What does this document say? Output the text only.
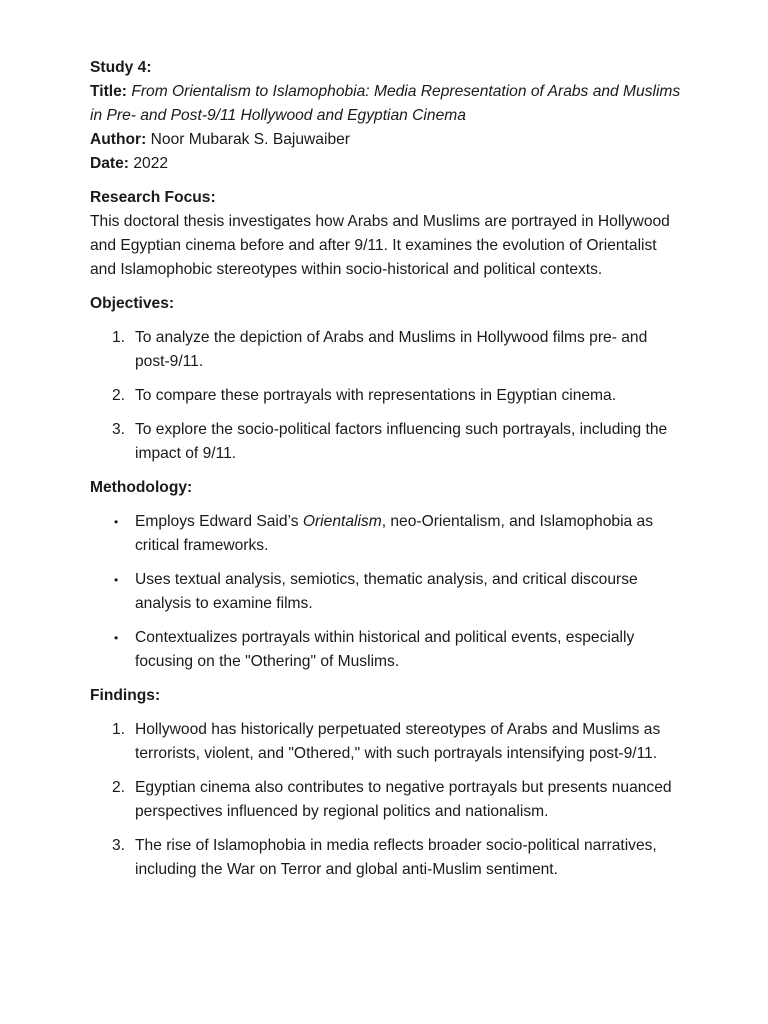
Study 4:

Title: From Orientalism to Islamophobia: Media Representation of Arabs and Muslims in Pre- and Post-9/11 Hollywood and Egyptian Cinema

Author: Noor Mubarak S. Bajuwaiber

Date: 2022

Research Focus:

This doctoral thesis investigates how Arabs and Muslims are portrayed in Hollywood and Egyptian cinema before and after 9/11. It examines the evolution of Orientalist and Islamophobic stereotypes within socio-historical and political contexts.

Objectives:

1. To analyze the depiction of Arabs and Muslims in Hollywood films pre- and post-9/11.
2. To compare these portrayals with representations in Egyptian cinema.
3. To explore the socio-political factors influencing such portrayals, including the impact of 9/11.

Methodology:

• Employs Edward Said’s Orientalism, neo-Orientalism, and Islamophobia as critical frameworks.
• Uses textual analysis, semiotics, thematic analysis, and critical discourse analysis to examine films.
• Contextualizes portrayals within historical and political events, especially focusing on the "Othering" of Muslims.

Findings:

1. Hollywood has historically perpetuated stereotypes of Arabs and Muslims as terrorists, violent, and "Othered," with such portrayals intensifying post-9/11.
2. Egyptian cinema also contributes to negative portrayals but presents nuanced perspectives influenced by regional politics and nationalism.
3. The rise of Islamophobia in media reflects broader socio-political narratives, including the War on Terror and global anti-Muslim sentiment.
